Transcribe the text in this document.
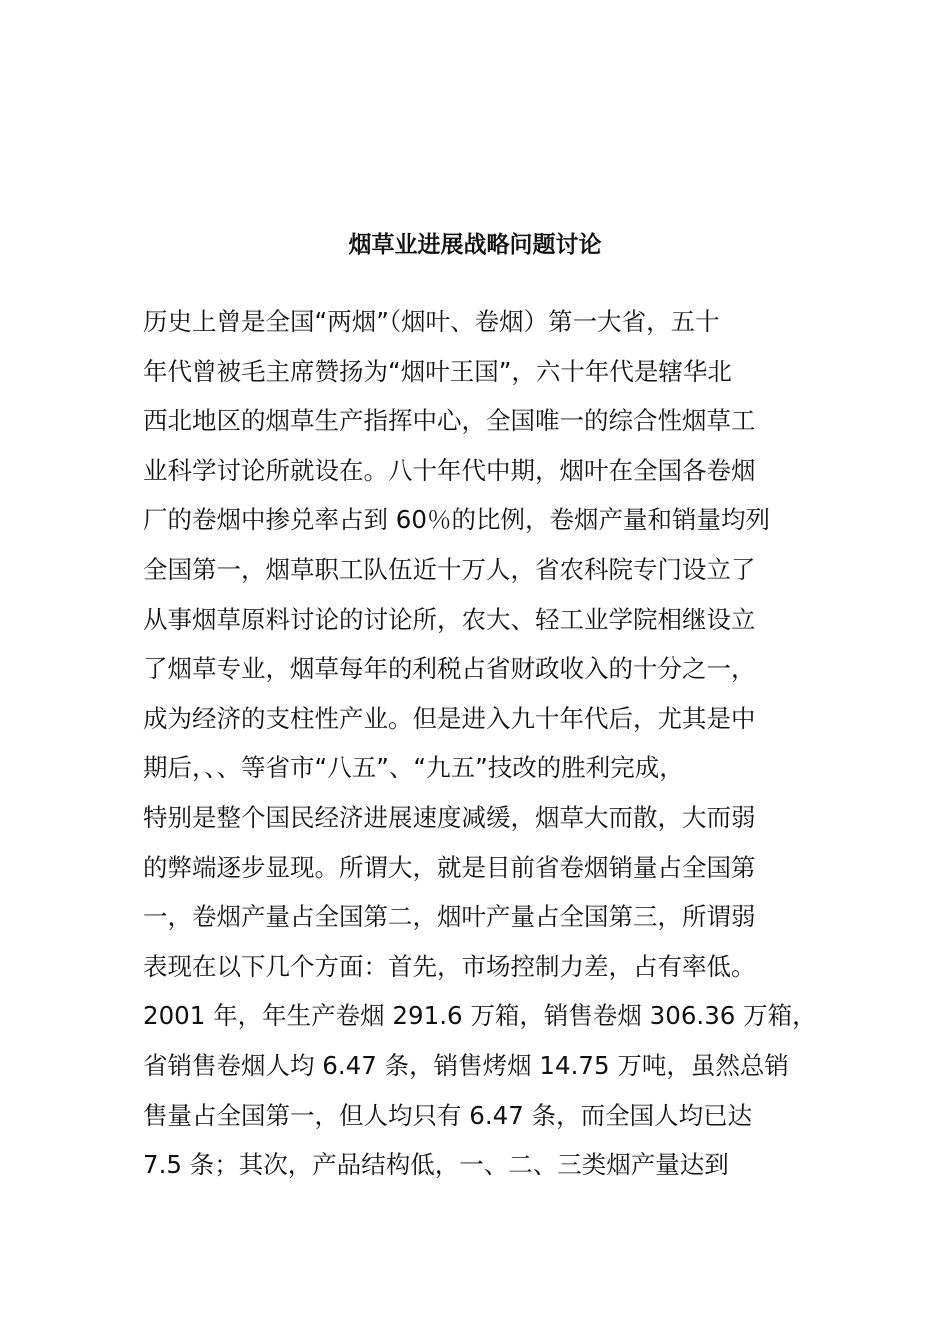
烟草业进展战略问题讨论
历史上曾是全国“两烟”（烟叶、卷烟）第一大省，五十
年代曾被毛主席赞扬为“烟叶王国”，六十年代是辖华北
西北地区的烟草生产指挥中心，全国唯一的综合性烟草工
业科学讨论所就设在。八十年代中期，烟叶在全国各卷烟
厂的卷烟中掺兑率占到 60％的比例，卷烟产量和销量均列
全国第一，烟草职工队伍近十万人，省农科院专门设立了
从事烟草原料讨论的讨论所，农大、轻工业学院相继设立
了烟草专业，烟草每年的利税占省财政收入的十分之一，
成为经济的支柱性产业。但是进入九十年代后，尤其是中
期后，、、等省市“八五”、“九五”技改的胜利完成，
特别是整个国民经济进展速度减缓，烟草大而散，大而弱
的弊端逐步显现。所谓大，就是目前省卷烟销量占全国第
一，卷烟产量占全国第二，烟叶产量占全国第三，所谓弱
表现在以下几个方面：首先，市场控制力差，占有率低。
2001 年，年生产卷烟 291.6 万箱，销售卷烟 306.36 万箱，
省销售卷烟人均 6.47 条，销售烤烟 14.75 万吨，虽然总销
售量占全国第一，但人均只有 6.47 条，而全国人均已达
7.5 条；其次，产品结构低，一、二、三类烟产量达到
